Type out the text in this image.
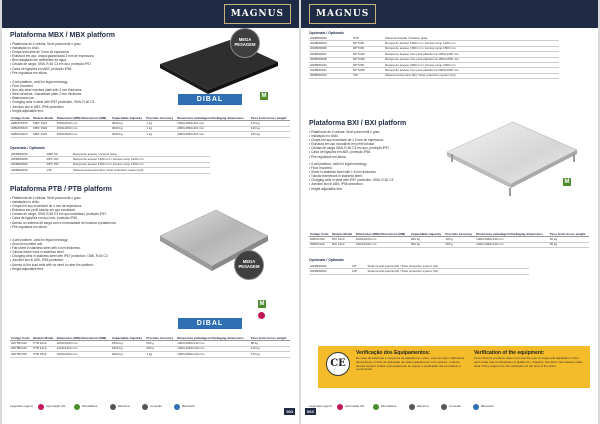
MAGNUS
Plataforma MBX / MBX platform
• Plataforma de 4 células. Nível para medir o grau.
• Instalação no chão.
• Chapa anti-lama de 3 mm de espessura
• Estrutura em aço, chapa galvanizada 2 mm de espessura.
• Bem adaptado em ambientes de água.
• Células de carga: OIML R-60 C3 em aço, proteção IP67.
• Caixa de ligações em ABS, proteção IP66.
• Pés regulados em altura.
• 4-cell platform, valid for legal metrology.
• Floor mounted.
• Non-slip steel checked plate with 3 mm thickness.
• Steel structure. Galvanised plate 2 mm thickness.
• Washdown use.
• Charging cells in steel with IP67 protection, OIML R-60 C3.
• Junction box in ABS, IP66 protection.
• Height adjustable feet.
MEGA
PESAGEM
DIBAL	M
Código Code	Modelo Model	Dimensões (MM) Dimensions (MM)	Capacidade Capacity	Precisão Accuracy	Dimensões embalagem Packaging dimensions	Peso bruto Gross weight
20BMX1515	MBX 1515	1500x1500 mm	3000 kg	1 kg	1560x1560x110 mm	110 kg
20BMX1520	MBX 1520	1500x2000 mm	3000 kg	1 kg	2060x1560x110 mm	130 kg
20BMX2020	MBX 2020	2000x2000 mm	3000 kg	1 kg	2060x2060x110 mm	165 kg
Opcionais / Optionals
20DBM0090	RMP-09	Rampa de acesso / Access ramp
20DBM0095	RPT-100	Rampa de acesso 1200 mm / Access ramp 1200 mm
20DBM0096	RPT-150	Rampa de acesso 1500 mm / Access ramp 1500 mm
20DBM0192	CIP	Sistema anti-poeira (kit) / Dust protection system (kit)
Plataforma PTB / PTB platform
• Plataforma de 4 células. Nível para medir o grau.
• Instalação no chão.
• Chapa em aço inoxidável de 4 mm de espessura.
• Estrutura em perfil tubular em aço inoxidável.
• Células de carga: OIML R-60 C3 em aço inoxidável, proteção IP67.
• Caixa de ligações em aço inox, proteção IP66.
• Acesso ao sistema de carga com a necessidade de levantar a plataforma.
• Pés regulados em altura.
• 4-cell platform, valid for legal metrology.
• Ground mounted unit.
• Flat sheet in stainless steel with 4 mm thickness.
• Tubular frame work in stainless steel.
• Charging cells in stainless steel with IP67 protection, OIML R-60 C3.
• Junction box in AISI, IP66 protection.
• Access to the load cells with no need to raise the platform.
• Height adjustable feet.
MEGA
PESAGEM
M
DIBAL
Código Code	Modelo Model	Dimensões (MM) Dimensions (MM)	Capacidade Capacity	Precisão Accuracy	Dimensões embalagem Packaging dimensions	Peso bruto Gross weight
20PTB1010	PTB 1010	1000x1000 mm	1500 kg	500 g	1060x1060x140 mm	88 kg
20PTB1212	PTB 1212	1200x1200 mm	1500 kg	500 g	1260x1260x140 mm	110 kg
20PTB1515	PTB 1515	1500x1500 mm	3000 kg	1 kg	1560x1560x140 mm	170 kg
Legenda Legend	Aprovação CE	Monofásica	Eléctrica	Conexão	Bluetooth
003
MAGNUS
Opcionais / Optionals
20DBM0090	RTP	Placa de fixação / Fixation plate
20DBM0094	RPT100	Rampa de acesso 1200 mm / Access ramp 1200 mm
20DBM0096	RPT150	Rampa de acesso 1500 mm / Access ramp 1500 mm
20DBM0097	RPT120I	Rampa de acesso inox para plataforma 1200x1200 mm
20DBM0098	RPT150I	Rampa de acesso inox para plataforma 1500x1500 mm
20DBM0190	RPT200	Rampa de acesso 2000 mm / Access ramp 2000 mm
20DBM0191	RPT200I	Rampa de acesso inox para plataforma 2000x2000 mm
20DBM0192	CIP	Sistema anti-poeira (kit) / Dust protection system (kit)
Plataforma BXI / BXI platform
• Plataforma de 4 células. Nível para medir o grau.
• Instalação no chão.
• Chapa em aço inoxidável de 1,5 mm de espessura.
• Estrutura em aço inoxidável em perfil tubular.
• Células de carga OIML R-60 C3 em aço, proteção IP67.
• Caixa de ligações em ABS, proteção IP66.
• Pés regulados em altura.
• 4-cell platform, valid for legal metrology.
• Floor mounted.
• Sheet in stainless steel with 1.5 mm thickness.
• Tubular framework in stainless steel.
• Charging cells in steel with IP67 protection, OIML R-60 C3.
• Junction box in ABS, IP66 protection.
• Height adjustable feet.
M
Código Code	Modelo Model	Dimensões (MM) Dimensions (MM)	Capacidade Capacity	Precisão Accuracy	Dimensões embalagem Packaging dimensions	Peso bruto Gross weight
20BXI1010	BXI 1010	1000x1000 mm	300 kg	100 g	1060x1060x140 mm	35 kg
20BXI1212	BXI 1212	1200x1200 mm	600 kg	200 g	1260x1260x140 mm	55 kg
Opcionais / Optionals
20DBM0092	CIT	Sistema anti-poeira (kit) / Dust protection system (kit)
20DBM0093	CIP	Sistema anti-poeira (kit) / Dust protection system (kit)
Legenda Legend	Aprovação CE	Monofásica	Eléctrica	Conexão	Bluetooth
004
CE
Verificação dos Equipamentos:
No caso de balanças e conjuntos de plataforma + visor, uma vez que o fabricante desconhece o limite de aplicação de cada equipamento com certeza, o cliente deverá sempre indicar expressamente se requer a verificação CE ao realizar a encomenda.
Verification of the equipment:
Given that the producer does not know the type of usage and application of the each scale and combinations of platforms + displays, the client must always make clear if they require the CE verification at the time of the order.
